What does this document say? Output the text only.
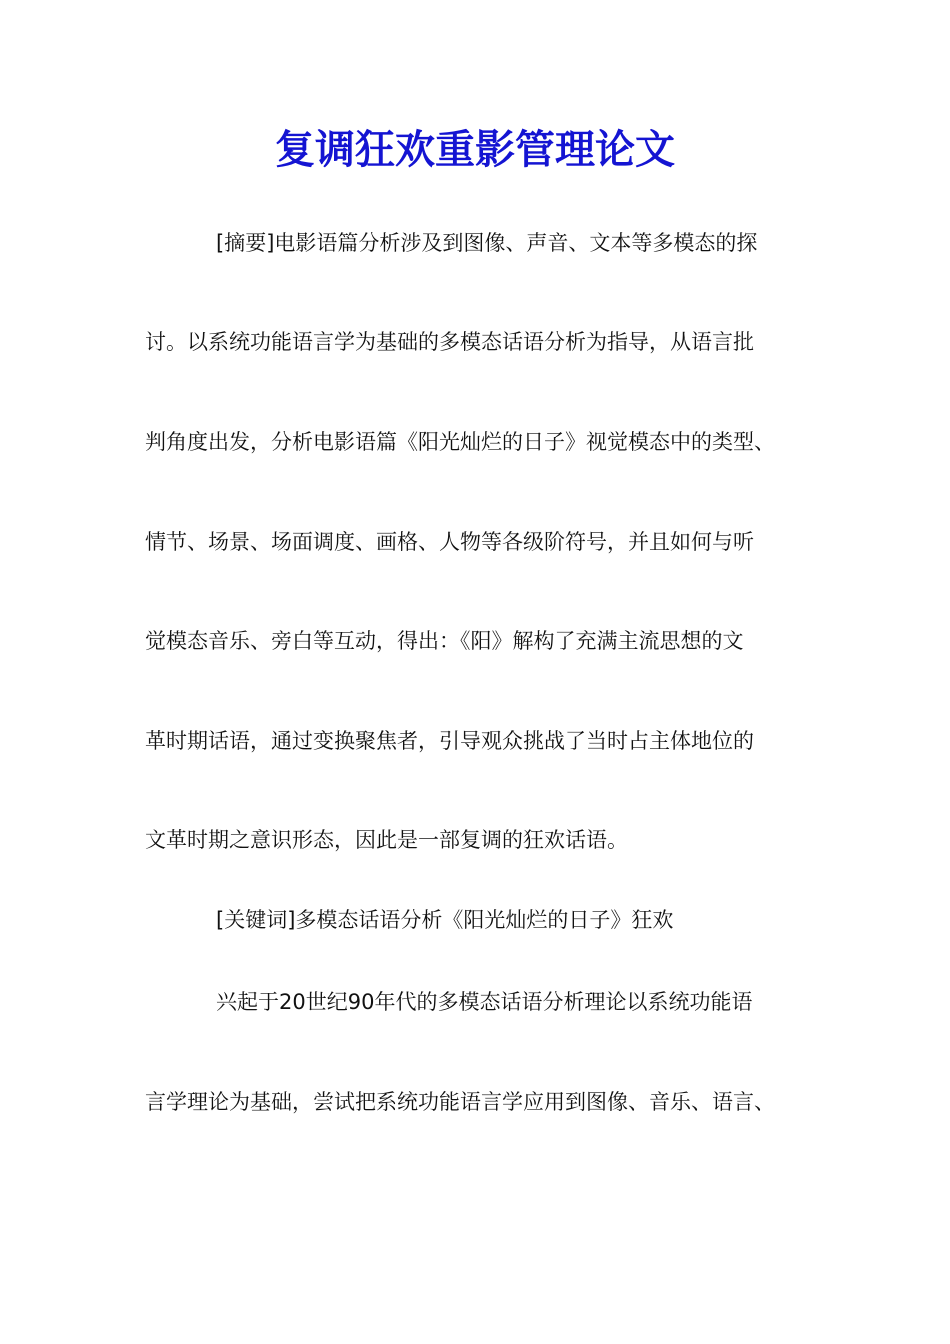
复调狂欢重影管理论文

[摘要]电影语篇分析涉及到图像、声音、文本等多模态的探

讨。以系统功能语言学为基础的多模态话语分析为指导，从语言批

判角度出发，分析电影语篇《阳光灿烂的日子》视觉模态中的类型、

情节、场景、场面调度、画格、人物等各级阶符号，并且如何与听

觉模态音乐、旁白等互动，得出：《阳》解构了充满主流思想的文

革时期话语，通过变换聚焦者，引导观众挑战了当时占主体地位的

文革时期之意识形态，因此是一部复调的狂欢话语。

[关键词]多模态话语分析《阳光灿烂的日子》狂欢

兴起于20世纪90年代的多模态话语分析理论以系统功能语

言学理论为基础，尝试把系统功能语言学应用到图像、音乐、语言、
